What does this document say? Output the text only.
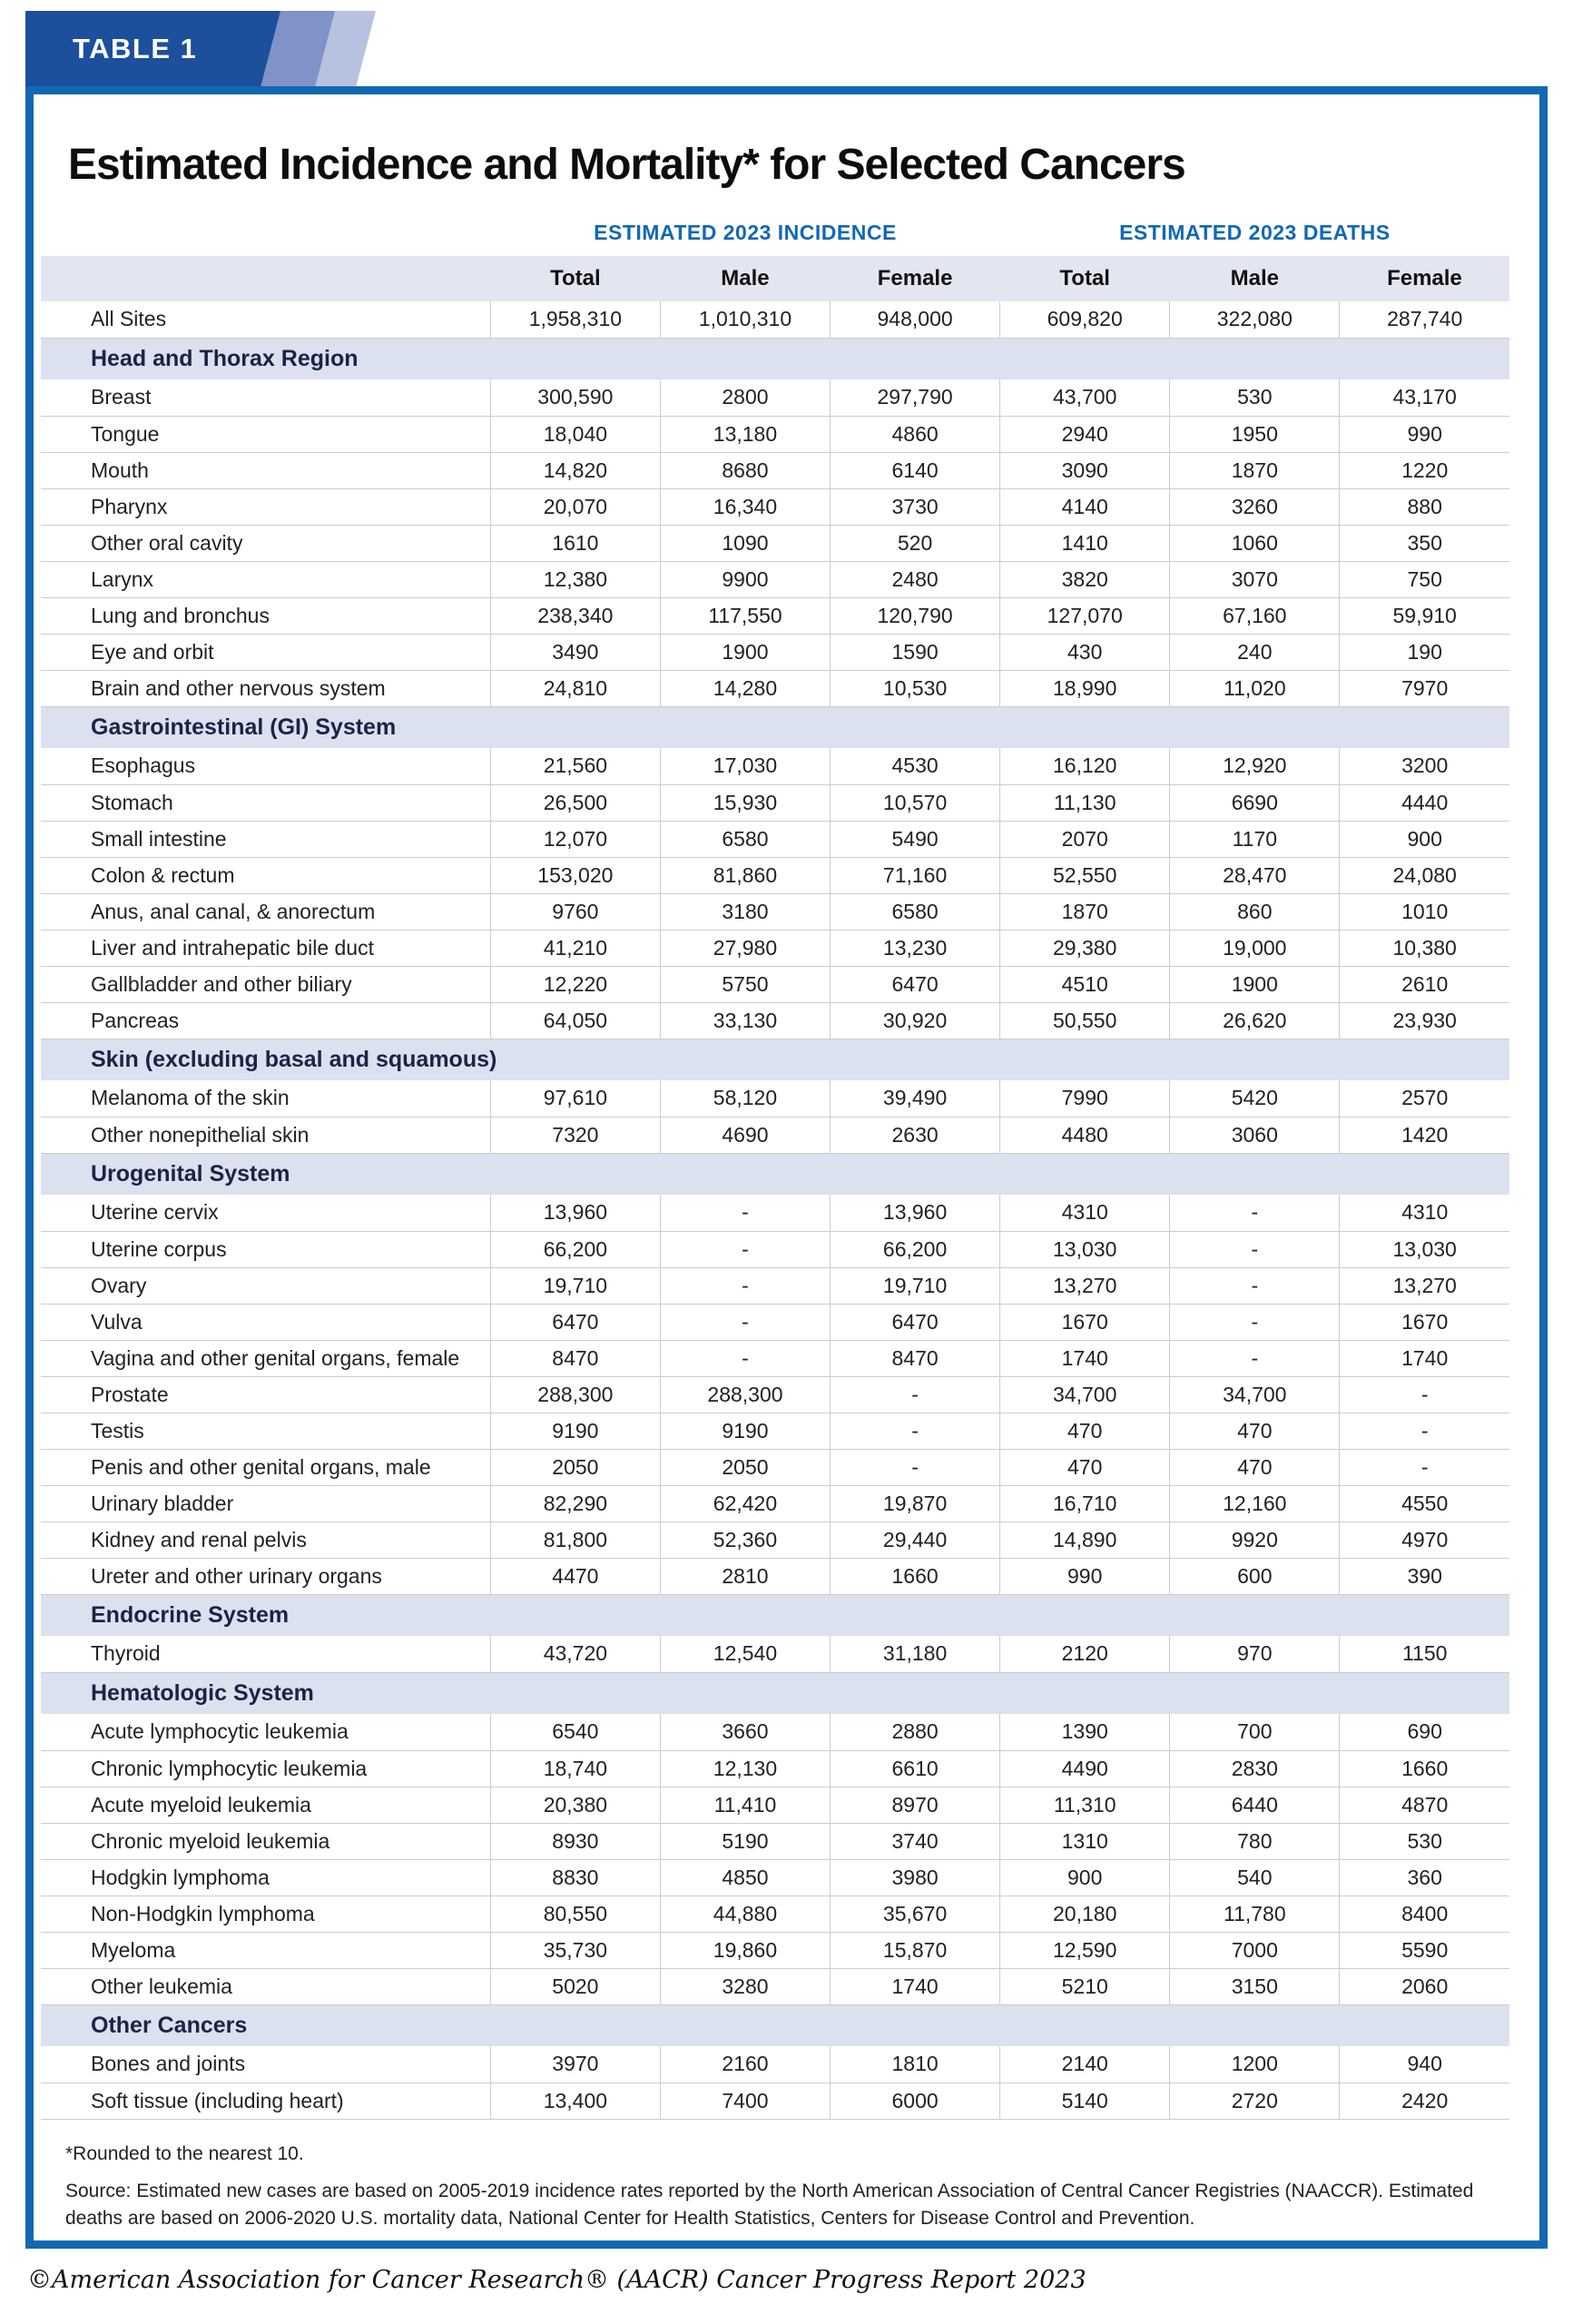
TABLE 1
Estimated Incidence and Mortality* for Selected Cancers
	ESTIMATED 2023 INCIDENCE			ESTIMATED 2023 DEATHS		
	Total	Male	Female	Total	Male	Female
All Sites	1,958,310	1,010,310	948,000	609,820	322,080	287,740
Head and Thorax Region						
Breast	300,590	2800	297,790	43,700	530	43,170
Tongue	18,040	13,180	4860	2940	1950	990
Mouth	14,820	8680	6140	3090	1870	1220
Pharynx	20,070	16,340	3730	4140	3260	880
Other oral cavity	1610	1090	520	1410	1060	350
Larynx	12,380	9900	2480	3820	3070	750
Lung and bronchus	238,340	117,550	120,790	127,070	67,160	59,910
Eye and orbit	3490	1900	1590	430	240	190
Brain and other nervous system	24,810	14,280	10,530	18,990	11,020	7970
Gastrointestinal (GI) System						
Esophagus	21,560	17,030	4530	16,120	12,920	3200
Stomach	26,500	15,930	10,570	11,130	6690	4440
Small intestine	12,070	6580	5490	2070	1170	900
Colon & rectum	153,020	81,860	71,160	52,550	28,470	24,080
Anus, anal canal, & anorectum	9760	3180	6580	1870	860	1010
Liver and intrahepatic bile duct	41,210	27,980	13,230	29,380	19,000	10,380
Gallbladder and other biliary	12,220	5750	6470	4510	1900	2610
Pancreas	64,050	33,130	30,920	50,550	26,620	23,930
Skin (excluding basal and squamous)						
Melanoma of the skin	97,610	58,120	39,490	7990	5420	2570
Other nonepithelial skin	7320	4690	2630	4480	3060	1420
Urogenital System						
Uterine cervix	13,960	-	13,960	4310	-	4310
Uterine corpus	66,200	-	66,200	13,030	-	13,030
Ovary	19,710	-	19,710	13,270	-	13,270
Vulva	6470	-	6470	1670	-	1670
Vagina and other genital organs, female	8470	-	8470	1740	-	1740
Prostate	288,300	288,300	-	34,700	34,700	-
Testis	9190	9190	-	470	470	-
Penis and other genital organs, male	2050	2050	-	470	470	-
Urinary bladder	82,290	62,420	19,870	16,710	12,160	4550
Kidney and renal pelvis	81,800	52,360	29,440	14,890	9920	4970
Ureter and other urinary organs	4470	2810	1660	990	600	390
Endocrine System						
Thyroid	43,720	12,540	31,180	2120	970	1150
Hematologic System						
Acute lymphocytic leukemia	6540	3660	2880	1390	700	690
Chronic lymphocytic leukemia	18,740	12,130	6610	4490	2830	1660
Acute myeloid leukemia	20,380	11,410	8970	11,310	6440	4870
Chronic myeloid leukemia	8930	5190	3740	1310	780	530
Hodgkin lymphoma	8830	4850	3980	900	540	360
Non-Hodgkin lymphoma	80,550	44,880	35,670	20,180	11,780	8400
Myeloma	35,730	19,860	15,870	12,590	7000	5590
Other leukemia	5020	3280	1740	5210	3150	2060
Other Cancers						
Bones and joints	3970	2160	1810	2140	1200	940
Soft tissue (including heart)	13,400	7400	6000	5140	2720	2420
*Rounded to the nearest 10.
Source: Estimated new cases are based on 2005-2019 incidence rates reported by the North American Association of Central Cancer Registries (NAACCR). Estimated deaths are based on 2006-2020 U.S. mortality data, National Center for Health Statistics, Centers for Disease Control and Prevention.
©American Association for Cancer Research® (AACR) Cancer Progress Report 2023
